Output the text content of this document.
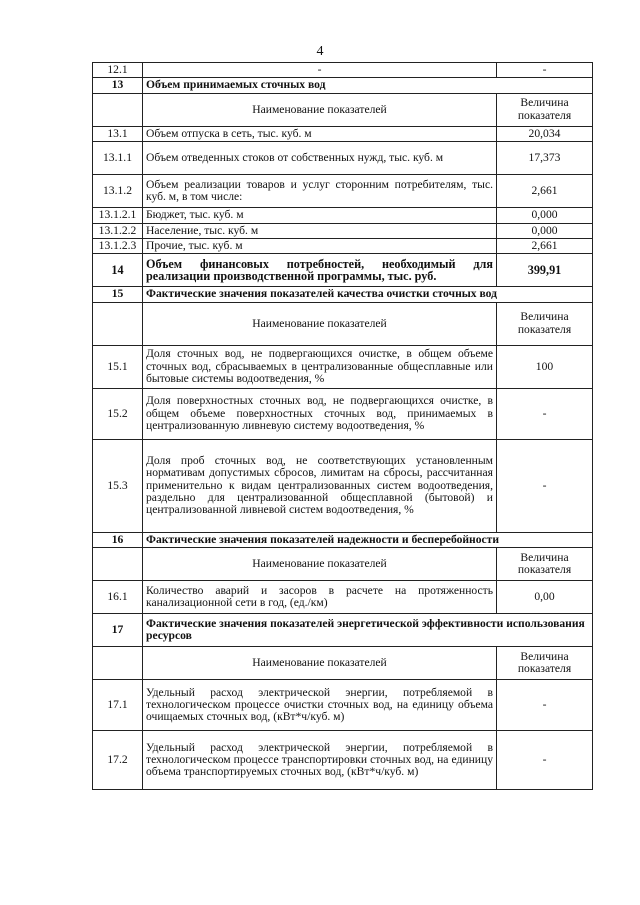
4
12.1	-	-
13	Объем принимаемых сточных вод	
	Наименование показателей	Величина показателя
13.1	Объем отпуска в сеть, тыс. куб. м	20,034
13.1.1	Объем отведенных стоков от собственных нужд, тыс. куб. м	17,373
13.1.2	Объем реализации товаров и услуг сторонним потребителям, тыс. куб. м, в том числе:	2,661
13.1.2.1	Бюджет, тыс. куб. м	0,000
13.1.2.2	Население, тыс. куб. м	0,000
13.1.2.3	Прочие, тыс. куб. м	2,661
14	Объем финансовых потребностей, необходимый для реализации производственной программы, тыс. руб.	399,91
15	Фактические значения показателей качества очистки сточных вод	
	Наименование показателей	Величина показателя
15.1	Доля сточных вод, не подвергающихся очистке, в общем объеме сточных вод, сбрасываемых в централизованные общесплавные или бытовые системы водоотведения, %	100
15.2	Доля поверхностных сточных вод, не подвергающихся очистке, в общем объеме поверхностных сточных вод, принимаемых в централизованную ливневую систему водоотведения, %	-
15.3	Доля проб сточных вод, не соответствующих установленным нормативам допустимых сбросов, лимитам на сбросы, рассчитанная применительно к видам централизованных систем водоотведения, раздельно для централизованной общесплавной (бытовой) и централизованной ливневой систем водоотведения, %	-
16	Фактические значения показателей надежности и бесперебойности	
	Наименование показателей	Величина показателя
16.1	Количество аварий и засоров в расчете на протяженность канализационной сети в год, (ед./км)	0,00
17	Фактические значения показателей энергетической эффективности использования ресурсов	
	Наименование показателей	Величина показателя
17.1	Удельный расход электрической энергии, потребляемой в технологическом процессе очистки сточных вод, на единицу объема очищаемых сточных вод, (кВт*ч/куб. м)	-
17.2	Удельный расход электрической энергии, потребляемой в технологическом процессе транспортировки сточных вод, на единицу объема транспортируемых сточных вод, (кВт*ч/куб. м)	-
